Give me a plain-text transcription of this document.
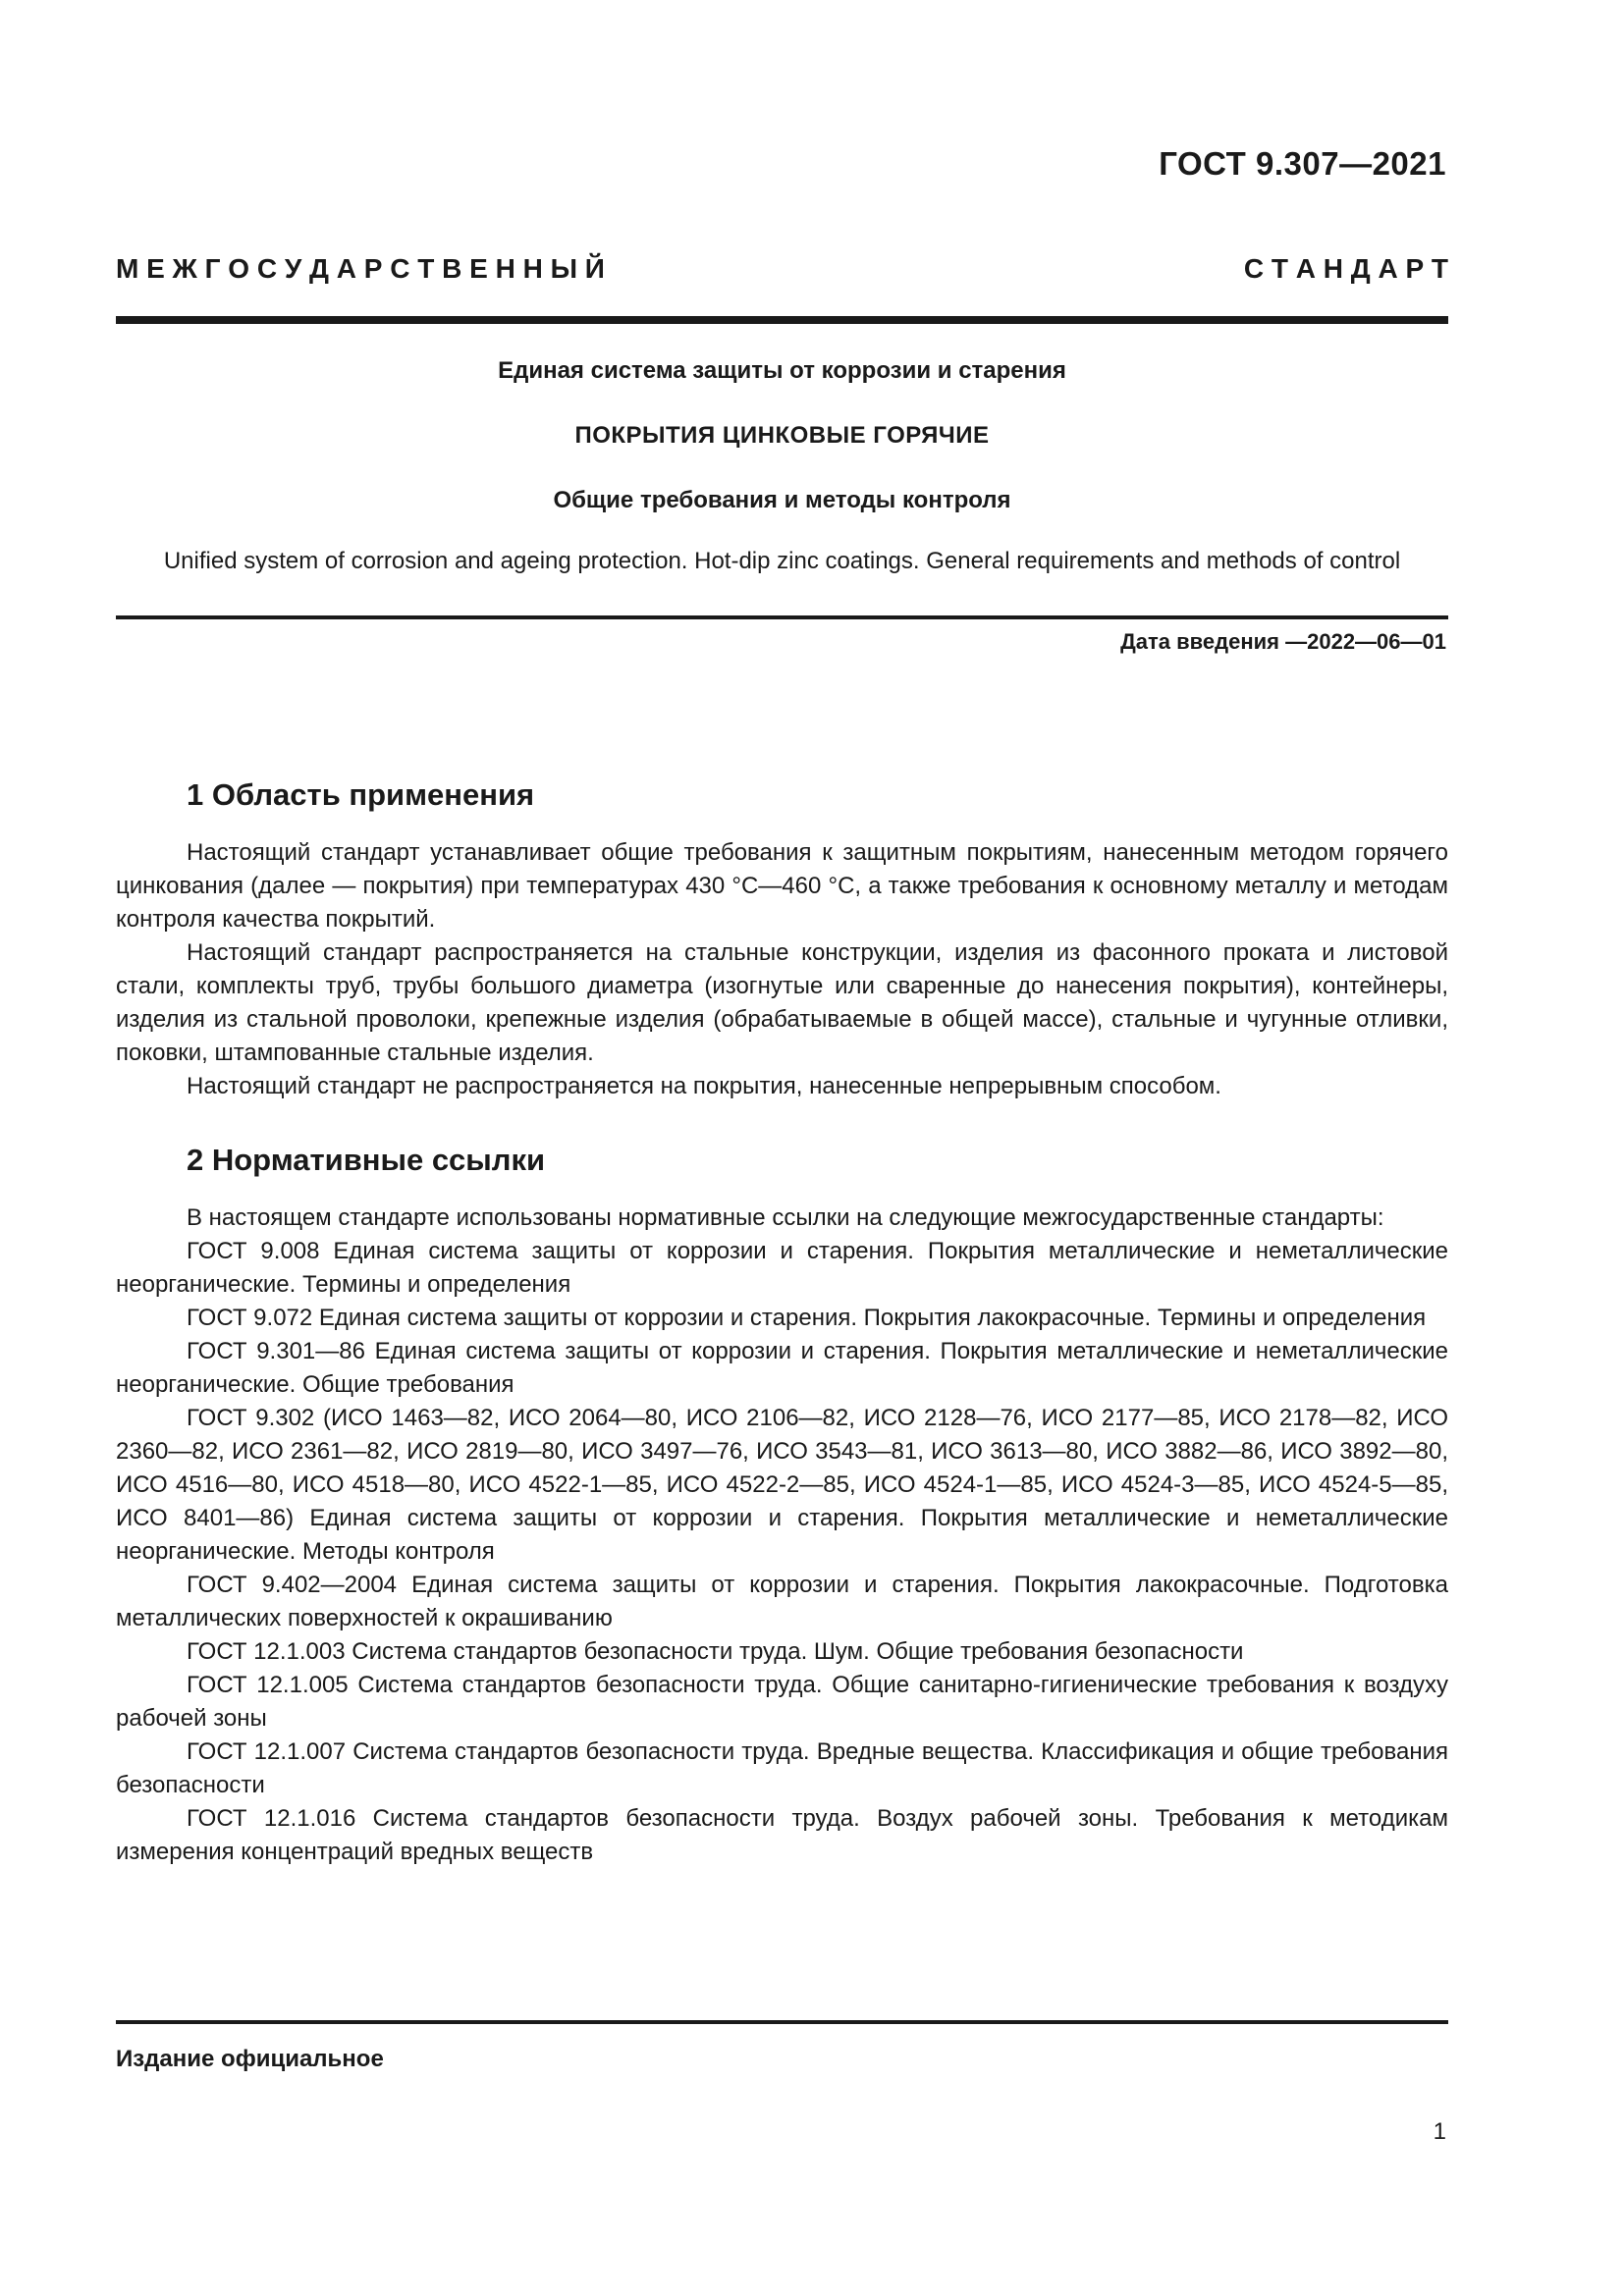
ГОСТ 9.307—2021
М Е Ж Г О С У Д А Р С Т В Е Н Н Ы Й	С Т А Н Д А Р Т
Единая система защиты от коррозии и старения
ПОКРЫТИЯ ЦИНКОВЫЕ ГОРЯЧИЕ
Общие требования и методы контроля
Unified system of corrosion and ageing protection. Hot-dip zinc coatings. General requirements and methods of control
Дата введения —2022—06—01
1 Область применения

Настоящий стандарт устанавливает общие требования к защитным покрытиям, нанесенным методом горячего цинкования (далее — покрытия) при температурах 430 °С—460 °С, а также требования к основному металлу и методам контроля качества покрытий.

Настоящий стандарт распространяется на стальные конструкции, изделия из фасонного проката и листовой стали, комплекты труб, трубы большого диаметра (изогнутые или сваренные до нанесения покрытия), контейнеры, изделия из стальной проволоки, крепежные изделия (обрабатываемые в общей массе), стальные и чугунные отливки, поковки, штампованные стальные изделия.

Настоящий стандарт не распространяется на покрытия, нанесенные непрерывным способом.

2 Нормативные ссылки

В настоящем стандарте использованы нормативные ссылки на следующие межгосударственные стандарты:

ГОСТ 9.008 Единая система защиты от коррозии и старения. Покрытия металлические и неметаллические неорганические. Термины и определения

ГОСТ 9.072 Единая система защиты от коррозии и старения. Покрытия лакокрасочные. Термины и определения

ГОСТ 9.301—86 Единая система защиты от коррозии и старения. Покрытия металлические и неметаллические неорганические. Общие требования

ГОСТ 9.302 (ИСО 1463—82, ИСО 2064—80, ИСО 2106—82, ИСО 2128—76, ИСО 2177—85, ИСО 2178—82, ИСО 2360—82, ИСО 2361—82, ИСО 2819—80, ИСО 3497—76, ИСО 3543—81, ИСО 3613—80, ИСО 3882—86, ИСО 3892—80, ИСО 4516—80, ИСО 4518—80, ИСО 4522-1—85, ИСО 4522-2—85, ИСО 4524-1—85, ИСО 4524-3—85, ИСО 4524-5—85, ИСО 8401—86) Единая система защиты от коррозии и старения. Покрытия металлические и неметаллические неорганические. Методы контроля

ГОСТ 9.402—2004 Единая система защиты от коррозии и старения. Покрытия лакокрасочные. Подготовка металлических поверхностей к окрашиванию

ГОСТ 12.1.003 Система стандартов безопасности труда. Шум. Общие требования безопасности

ГОСТ 12.1.005 Система стандартов безопасности труда. Общие санитарно-гигиенические требования к воздуху рабочей зоны

ГОСТ 12.1.007 Система стандартов безопасности труда. Вредные вещества. Классификация и общие требования безопасности

ГОСТ 12.1.016 Система стандартов безопасности труда. Воздух рабочей зоны. Требования к методикам измерения концентраций вредных веществ

Издание официальное
1
